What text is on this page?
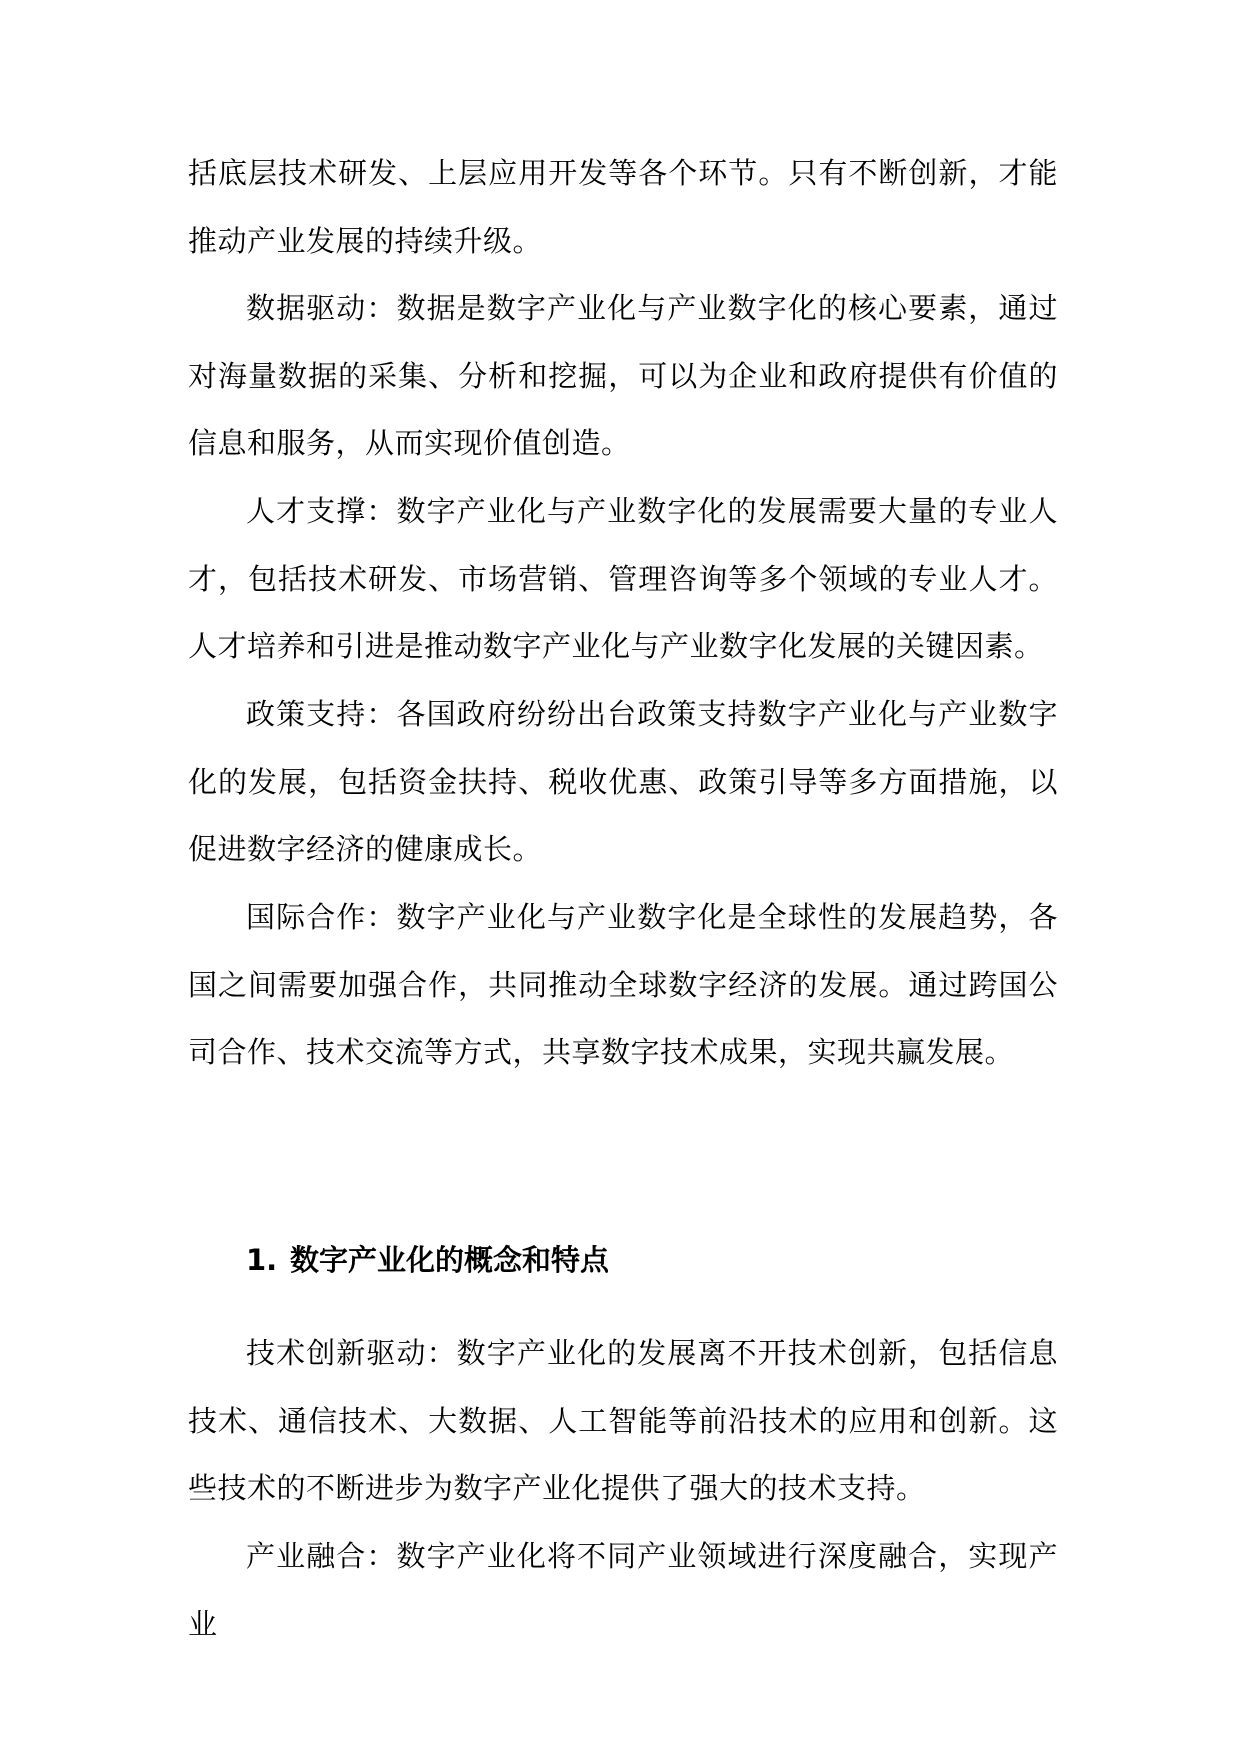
括底层技术研发、上层应用开发等各个环节。只有不断创新，才能推动产业发展的持续升级。

数据驱动：数据是数字产业化与产业数字化的核心要素，通过对海量数据的采集、分析和挖掘，可以为企业和政府提供有价值的信息和服务，从而实现价值创造。

人才支撑：数字产业化与产业数字化的发展需要大量的专业人才，包括技术研发、市场营销、管理咨询等多个领域的专业人才。人才培养和引进是推动数字产业化与产业数字化发展的关键因素。

政策支持：各国政府纷纷出台政策支持数字产业化与产业数字化的发展，包括资金扶持、税收优惠、政策引导等多方面措施，以促进数字经济的健康成长。

国际合作：数字产业化与产业数字化是全球性的发展趋势，各国之间需要加强合作，共同推动全球数字经济的发展。通过跨国公司合作、技术交流等方式，共享数字技术成果，实现共赢发展。

1. 数字产业化的概念和特点

技术创新驱动：数字产业化的发展离不开技术创新，包括信息技术、通信技术、大数据、人工智能等前沿技术的应用和创新。这些技术的不断进步为数字产业化提供了强大的技术支持。

产业融合：数字产业化将不同产业领域进行深度融合，实现产业
